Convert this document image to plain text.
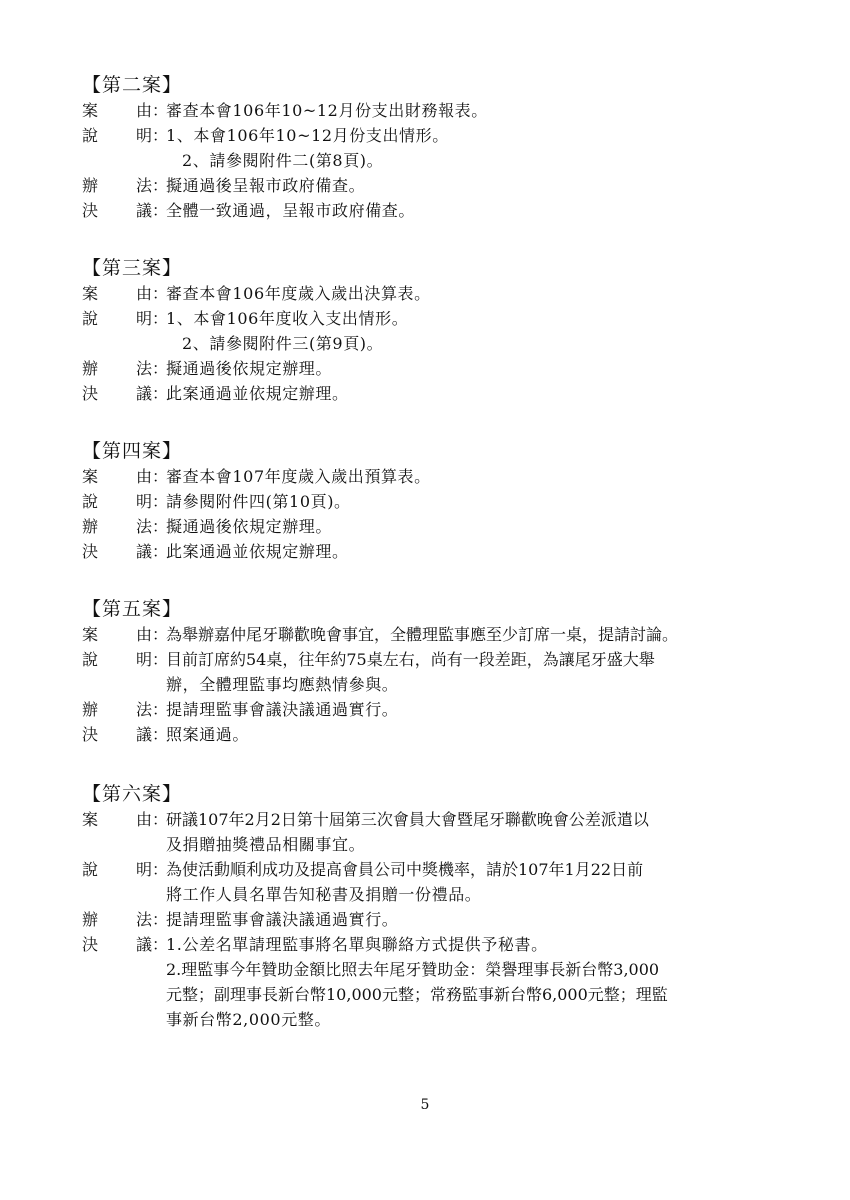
【第二案】
案 由 ：
審查本會106年10~12月份支出財務報表。
說 明 ：
1、本會106年10~12月份支出情形。
2、請參閱附件二(第8頁)。
辦 法 ：
擬通過後呈報市政府備查。
決 議 ：
全體一致通過，呈報市政府備查。
【第三案】
案 由 ：
審查本會106年度歲入歲出決算表。
說 明 ：
1、本會106年度收入支出情形。
2、請參閱附件三(第9頁)。
辦 法 ：
擬通過後依規定辦理。
決 議 ：
此案通過並依規定辦理。
【第四案】
案 由 ：
審查本會107年度歲入歲出預算表。
說 明 ：
請參閱附件四(第10頁)。
辦 法 ：
擬通過後依規定辦理。
決 議 ：
此案通過並依規定辦理。
【第五案】
案 由 ：
為舉辦嘉仲尾牙聯歡晚會事宜，全體理監事應至少訂席一桌，提請討論。
說 明 ：
目前訂席約54桌，往年約75桌左右，尚有一段差距，為讓尾牙盛大舉
辦，全體理監事均應熱情參與。
辦 法 ：
提請理監事會議決議通過實行。
決 議 ：
照案通過。
【第六案】
案 由 ：
研議107年2月2日第十屆第三次會員大會暨尾牙聯歡晚會公差派遣以
及捐贈抽獎禮品相關事宜。
說 明 ：
為使活動順利成功及提高會員公司中獎機率，請於107年1月22日前
將工作人員名單告知秘書及捐贈一份禮品。
辦 法 ：
提請理監事會議決議通過實行。
決 議 ：
1.公差名單請理監事將名單與聯絡方式提供予秘書。
2.理監事今年贊助金額比照去年尾牙贊助金：榮譽理事長新台幣3,000
元整；副理事長新台幣10,000元整；常務監事新台幣6,000元整；理監
事新台幣2,000元整。
5
